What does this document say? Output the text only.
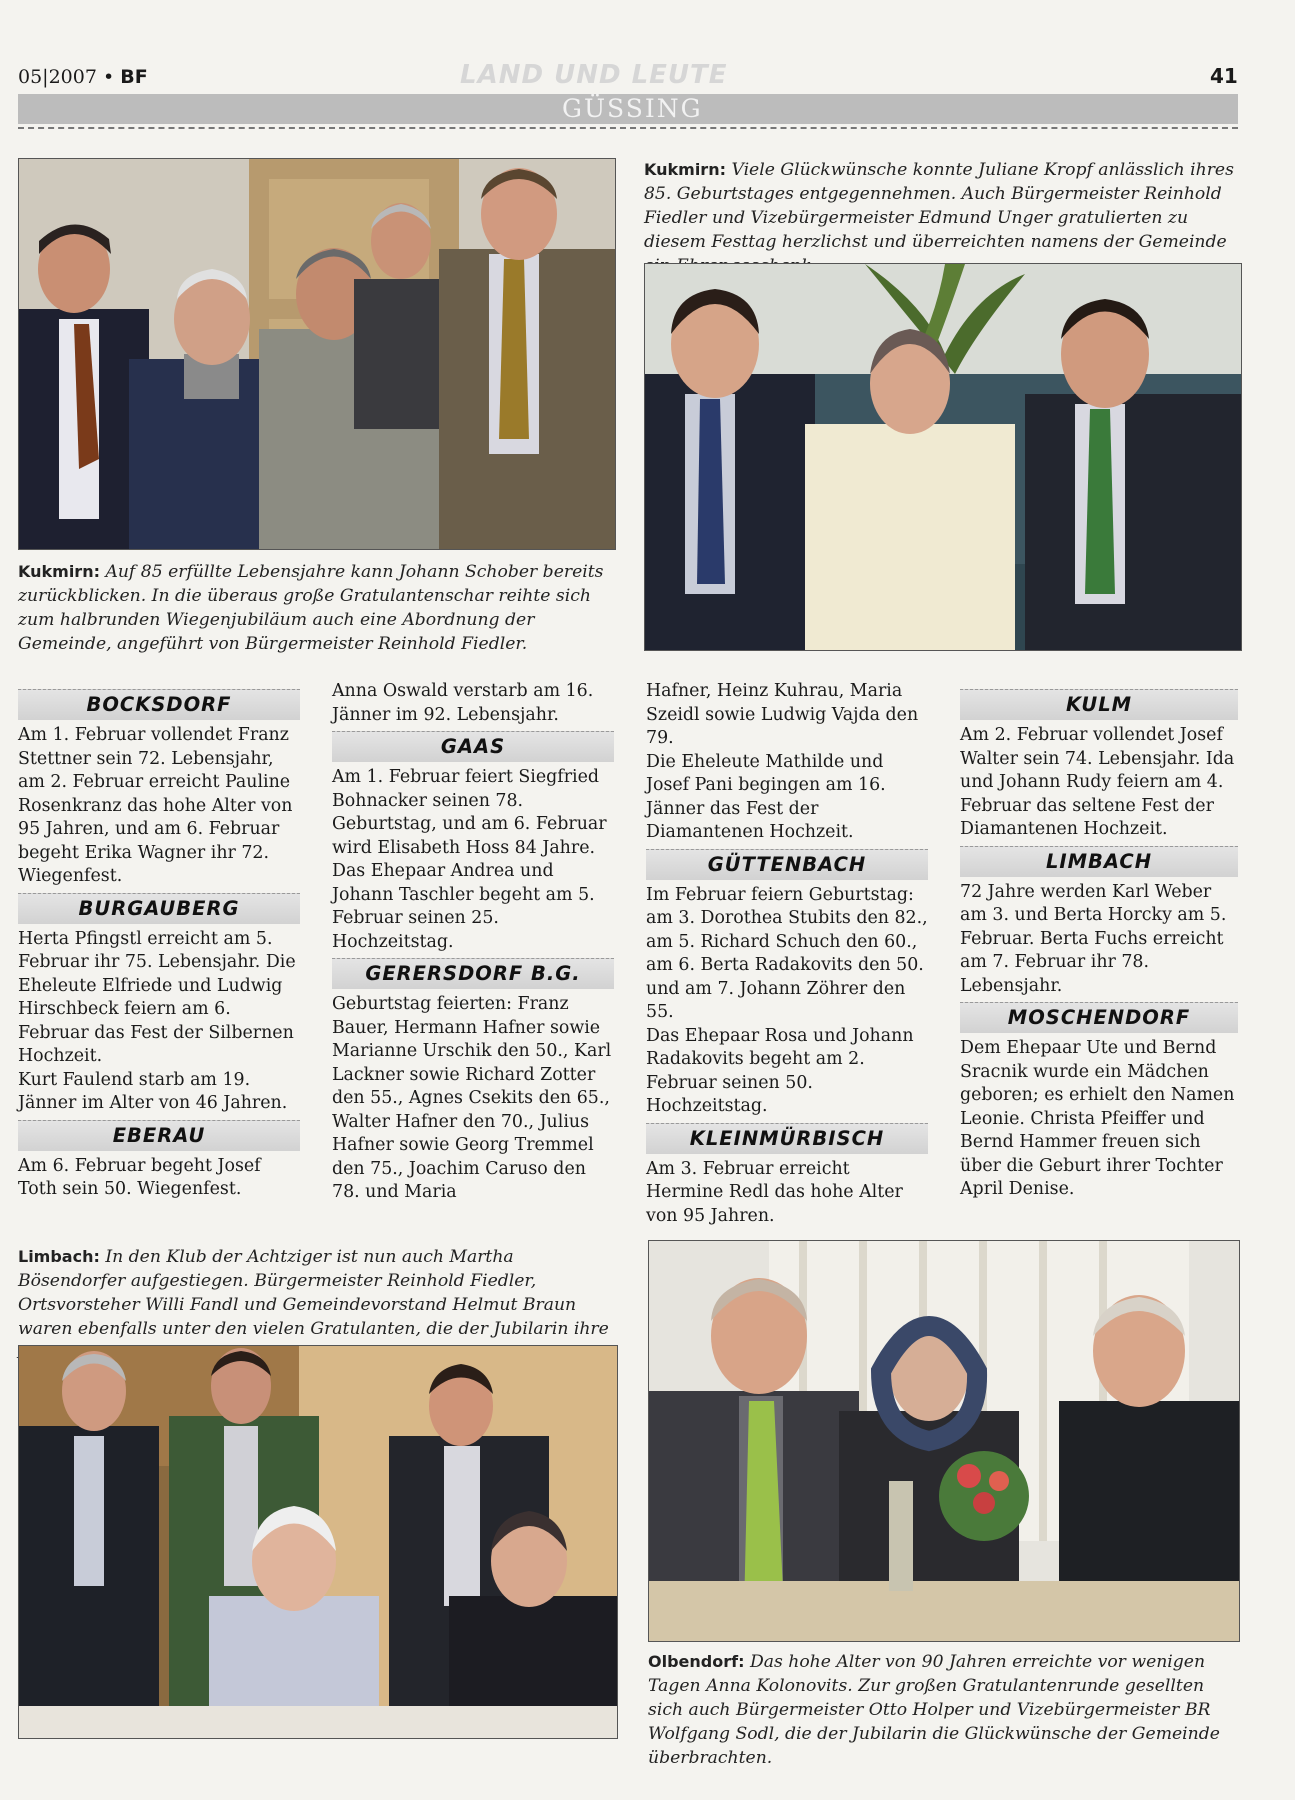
05|2007 • BF	LAND UND LEUTE	41
GÜSSING
Kukmirn: Auf 85 erfüllte Lebensjahre kann Johann Schober bereits zurückblicken. In die überaus große Gratulantenschar reihte sich zum halbrunden Wiegenjubiläum auch eine Abordnung der Gemeinde, angeführt von Bürgermeister Reinhold Fiedler.
Kukmirn: Viele Glückwünsche konnte Juliane Kropf anlässlich ihres 85. Geburtstages entgegennehmen. Auch Bürgermeister Reinhold Fiedler und Vizebürgermeister Edmund Unger gratulierten zu diesem Festtag herzlichst und überreichten namens der Gemeinde
BOCKSDORF

Am 1. Februar vollendet Franz Stettner sein 72. Lebensjahr, am 2. Februar erreicht Pauline Rosenkranz das hohe Alter von 95 Jahren, und am 6. Februar begeht Erika Wagner ihr 72. Wiegenfest.

BURGAUBERG

Herta Pfingstl erreicht am 5. Februar ihr 75. Lebensjahr. Die Eheleute Elfriede und Ludwig Hirschbeck feiern am 6. Februar das Fest der Silbernen Hochzeit.

Kurt Faulend starb am 19. Jänner im Alter von 46 Jahren.

EBERAU

Am 6. Februar begeht Josef Toth sein 50. Wiegenfest.

Anna Oswald verstarb am 16. Jänner im 92. Lebensjahr.

GAAS

Am 1. Februar feiert Siegfried Bohnacker seinen 78. Geburtstag, und am 6. Februar wird Elisabeth Hoss 84 Jahre.

Das Ehepaar Andrea und Johann Taschler begeht am 5. Februar seinen 25. Hochzeitstag.

GERERSDORF B.G.

Geburtstag feierten: Franz Bauer, Hermann Hafner sowie Marianne Urschik den 50., Karl Lackner sowie Richard Zotter den 55., Agnes Csekits den 65., Walter Hafner den 70., Julius Hafner sowie Georg Tremmel den 75., Joachim Caruso den 78. und Maria

Hafner, Heinz Kuhrau, Maria Szeidl sowie Ludwig Vajda den 79.

Die Eheleute Mathilde und Josef Pani begingen am 16. Jänner das Fest der Diamantenen Hochzeit.

GÜTTENBACH

Im Februar feiern Geburtstag: am 3. Dorothea Stubits den 82., am 5. Richard Schuch den 60., am 6. Berta Radakovits den 50. und am 7. Johann Zöhrer den 55.

Das Ehepaar Rosa und Johann Radakovits begeht am 2. Februar seinen 50. Hochzeitstag.

KLEINMÜRBISCH

Am 3. Februar erreicht Hermine Redl das hohe Alter von 95 Jahren.

KULM

Am 2. Februar vollendet Josef Walter sein 74. Lebensjahr. Ida und Johann Rudy feiern am 4. Februar das seltene Fest der Diamantenen Hochzeit.

LIMBACH

72 Jahre werden Karl Weber am 3. und Berta Horcky am 5. Februar. Berta Fuchs erreicht am 7. Februar ihr 78. Lebensjahr.

MOSCHENDORF

Dem Ehepaar Ute und Bernd Sracnik wurde ein Mädchen geboren; es erhielt den Namen Leonie. Christa Pfeiffer und Bernd Hammer freuen sich über die Geburt ihrer Tochter April Denise.

Limbach: In den Klub der Achtziger ist nun auch Martha Bösendorfer aufgestiegen. Bürgermeister Reinhold Fiedler, Ortsvorsteher Willi Fandl und Gemeindevorstand Helmut Braun waren ebenfalls unter den vielen Gratulanten, die der Jubilarin ihre
Olbendorf: Das hohe Alter von 90 Jahren erreichte vor wenigen Tagen Anna Kolonovits. Zur großen Gratulantenrunde gesellten sich auch Bürgermeister Otto Holper und Vizebürgermeister BR Wolfgang Sodl, die der Jubilarin die Glückwünsche der Gemeinde überbrachten.
